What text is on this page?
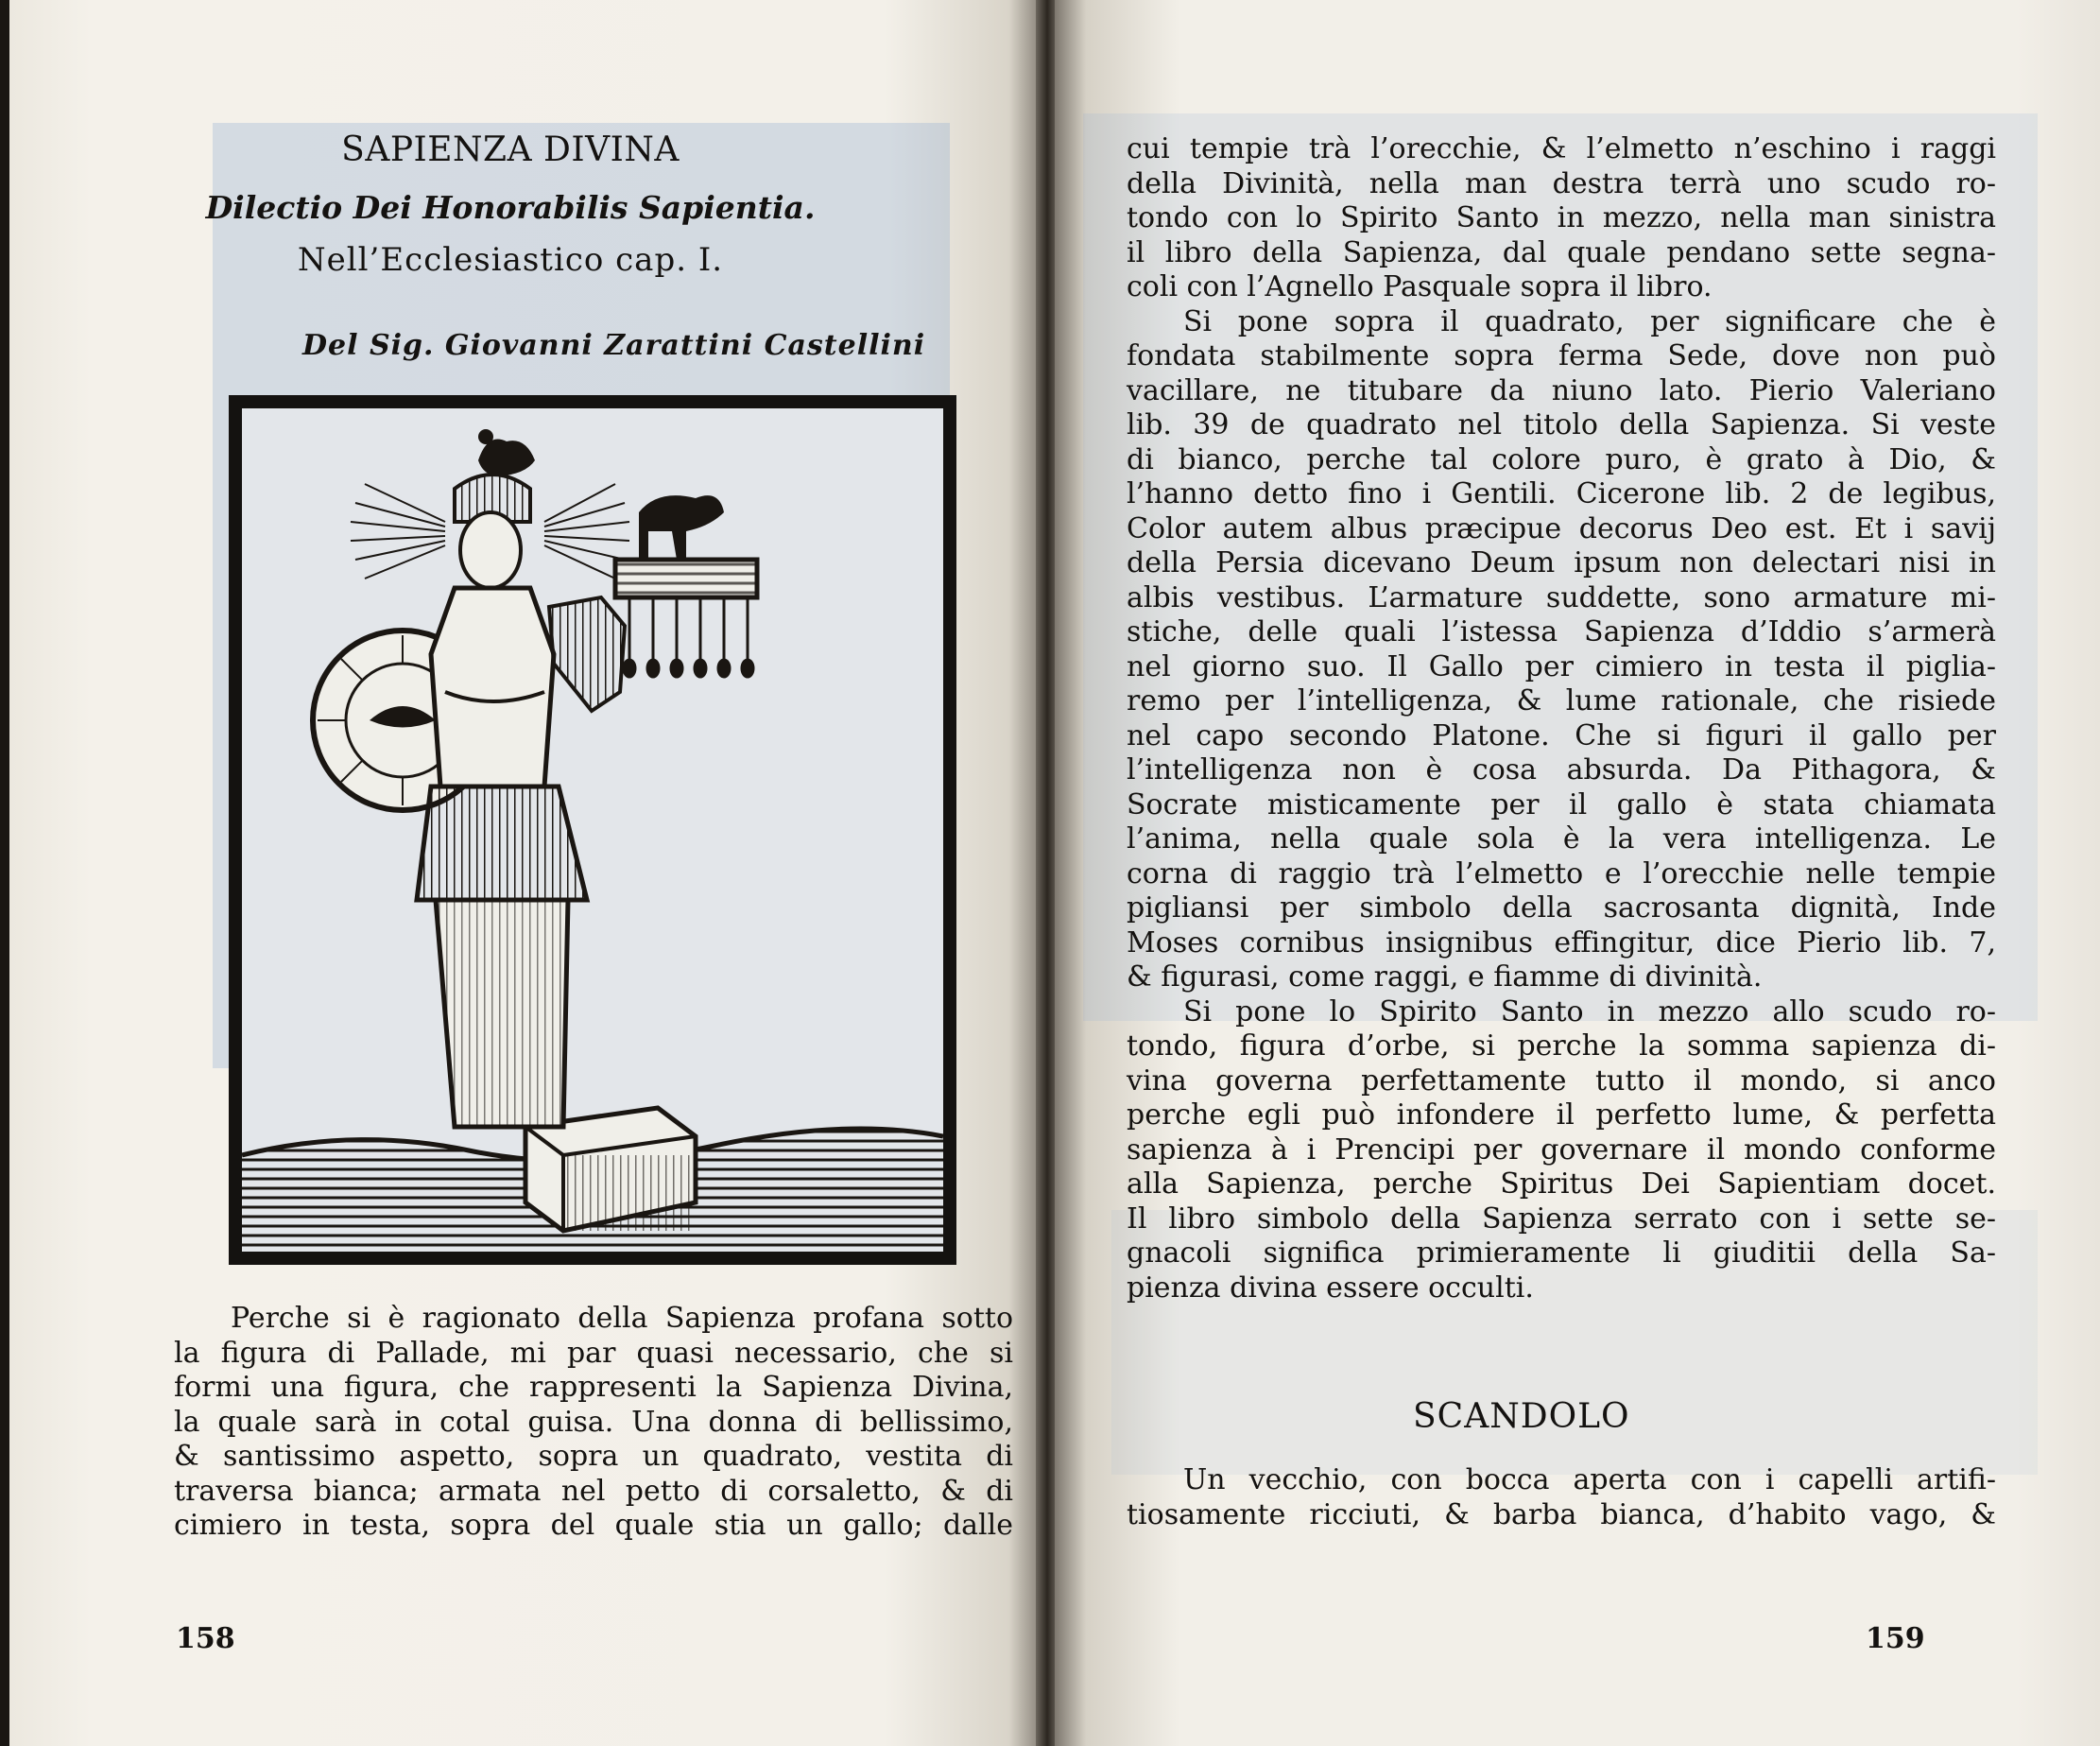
SAPIENZA DIVINA
Dilectio Dei Honorabilis Sapientia.
Nell’Ecclesiastico cap. I.
Del Sig. Giovanni Zarattini Castellini
Perche si è ragionato della Sapienza profana sotto
la figura di Pallade, mi par quasi necessario, che si
formi una figura, che rappresenti la Sapienza Divina,
la quale sarà in cotal guisa. Una donna di bellissimo,
& santissimo aspetto, sopra un quadrato, vestita di
traversa bianca; armata nel petto di corsaletto, & di
cimiero in testa, sopra del quale stia un gallo; dalle
158
cui tempie trà l’orecchie, & l’elmetto n’eschino i raggi
della Divinità, nella man destra terrà uno scudo ro-
tondo con lo Spirito Santo in mezzo, nella man sinistra
il libro della Sapienza, dal quale pendano sette segna-
coli con l’Agnello Pasquale sopra il libro.
Si pone sopra il quadrato, per significare che è
fondata stabilmente sopra ferma Sede, dove non può
vacillare, ne titubare da niuno lato. Pierio Valeriano
lib. 39 de quadrato nel titolo della Sapienza. Si veste
di bianco, perche tal colore puro, è grato à Dio, &
l’hanno detto fino i Gentili. Cicerone lib. 2 de legibus,
Color autem albus præcipue decorus Deo est. Et i savij
della Persia dicevano Deum ipsum non delectari nisi in
albis vestibus. L’armature suddette, sono armature mi-
stiche, delle quali l’istessa Sapienza d’Iddio s’armerà
nel giorno suo. Il Gallo per cimiero in testa il piglia-
remo per l’intelligenza, & lume rationale, che risiede
nel capo secondo Platone. Che si figuri il gallo per
l’intelligenza non è cosa absurda. Da Pithagora, &
Socrate misticamente per il gallo è stata chiamata
l’anima, nella quale sola è la vera intelligenza. Le
corna di raggio trà l’elmetto e l’orecchie nelle tempie
pigliansi per simbolo della sacrosanta dignità, Inde
Moses cornibus insignibus effingitur, dice Pierio lib. 7,
& figurasi, come raggi, e fiamme di divinità.
Si pone lo Spirito Santo in mezzo allo scudo ro-
tondo, figura d’orbe, si perche la somma sapienza di-
vina governa perfettamente tutto il mondo, si anco
perche egli può infondere il perfetto lume, & perfetta
sapienza à i Prencipi per governare il mondo conforme
alla Sapienza, perche Spiritus Dei Sapientiam docet.
Il libro simbolo della Sapienza serrato con i sette se-
gnacoli significa primieramente li giuditii della Sa-
pienza divina essere occulti.
SCANDOLO
Un vecchio, con bocca aperta con i capelli artifi-
tiosamente ricciuti, & barba bianca, d’habito vago, &
159
